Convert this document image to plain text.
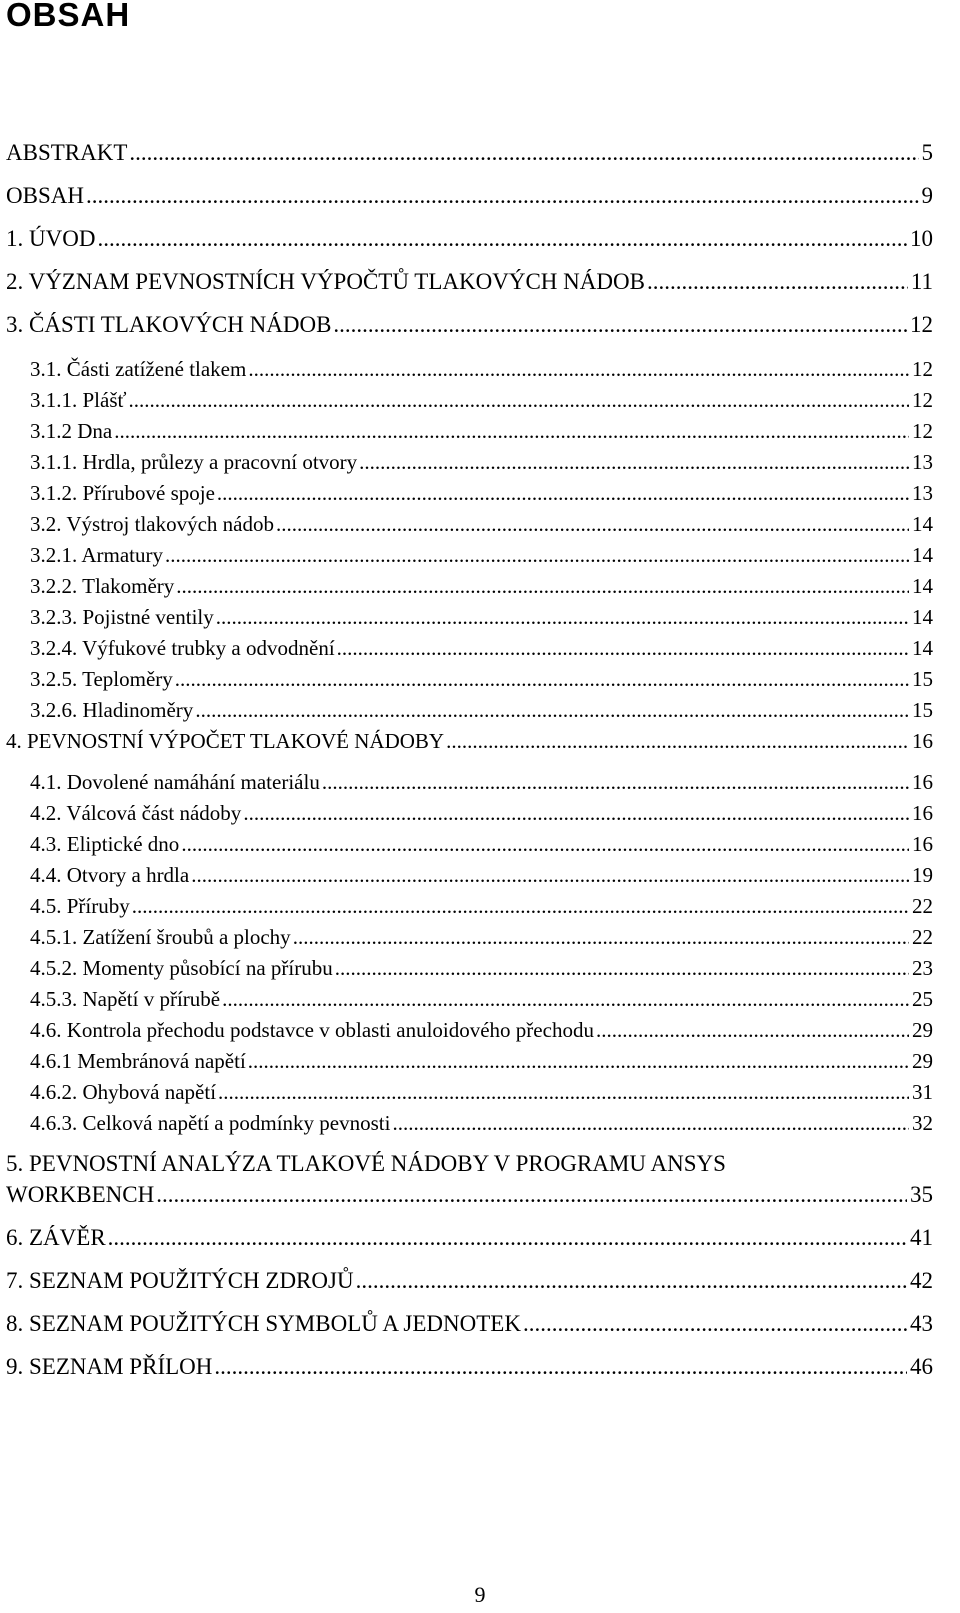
OBSAH
ABSTRAKT .....	5
OBSAH .....	9
1. ÚVOD .....	10
2. VÝZNAM PEVNOSTNÍCH VÝPOČTŮ TLAKOVÝCH NÁDOB .....	11
3. ČÁSTI TLAKOVÝCH NÁDOB .....	12
3.1. Části zatížené tlakem .....	12
3.1.1. Plášť .....	12
3.1.2 Dna .....	12
3.1.1. Hrdla, průlezy a pracovní otvory .....	13
3.1.2. Přírubové spoje .....	13
3.2. Výstroj tlakových nádob .....	14
3.2.1. Armatury .....	14
3.2.2. Tlakoměry .....	14
3.2.3. Pojistné ventily .....	14
3.2.4. Výfukové trubky a odvodnění .....	14
3.2.5. Teploměry .....	15
3.2.6. Hladinoměry .....	15
4. PEVNOSTNÍ VÝPOČET TLAKOVÉ NÁDOBY .....	16
4.1. Dovolené namáhání materiálu .....	16
4.2. Válcová část nádoby .....	16
4.3. Eliptické dno .....	16
4.4. Otvory a hrdla .....	19
4.5. Příruby .....	22
4.5.1. Zatížení šroubů a plochy .....	22
4.5.2. Momenty působící na přírubu .....	23
4.5.3. Napětí v přírubě .....	25
4.6. Kontrola přechodu podstavce v oblasti anuloidového přechodu .....	29
4.6.1 Membránová napětí .....	29
4.6.2. Ohybová napětí .....	31
4.6.3. Celková napětí a podmínky pevnosti .....	32
5. PEVNOSTNÍ ANALÝZA TLAKOVÉ NÁDOBY V PROGRAMU ANSYS
WORKBENCH .....	35
6. ZÁVĚR .....	41
7. SEZNAM POUŽITÝCH ZDROJŮ .....	42
8. SEZNAM POUŽITÝCH SYMBOLŮ A JEDNOTEK .....	43
9. SEZNAM PŘÍLOH .....	46
9
